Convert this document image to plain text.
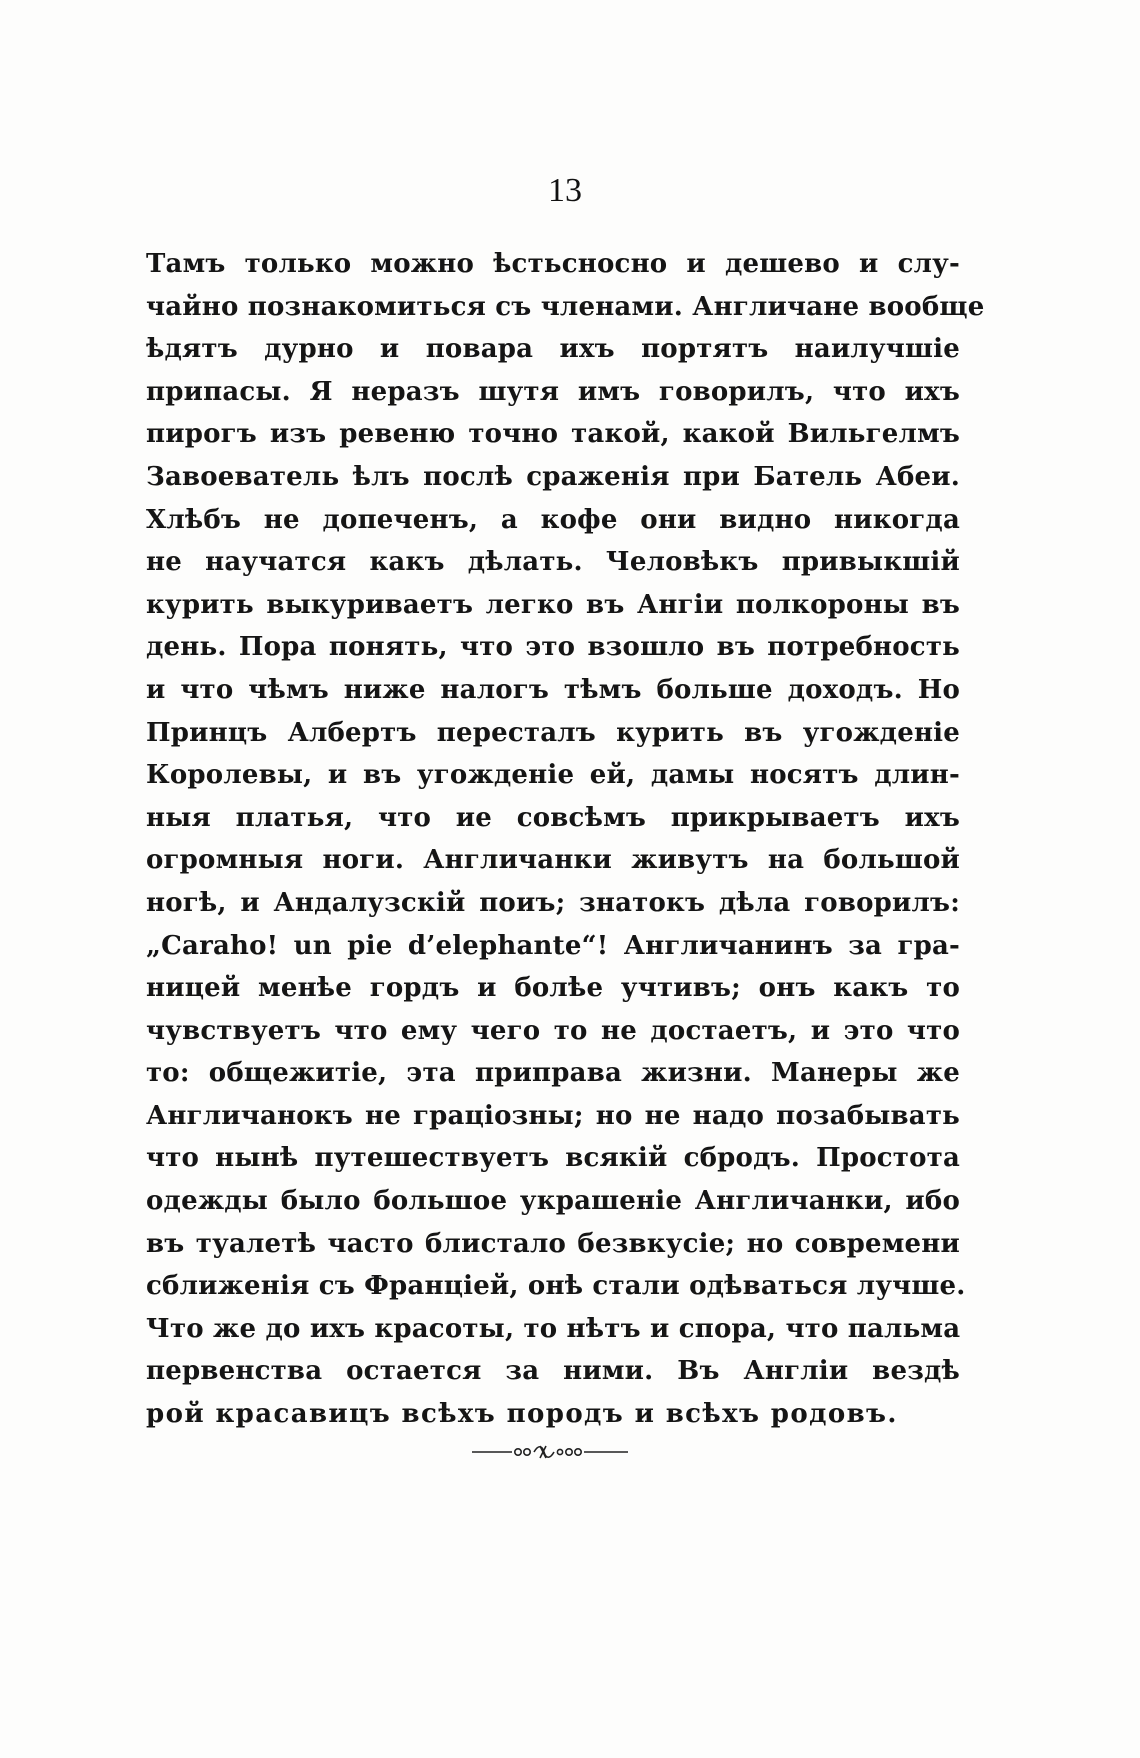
13
Тамъ только можно ѣстьсносно и дешево и слу-
чайно познакомиться съ членами. Англичане вообще
ѣдятъ дурно и повара ихъ портятъ наилучшіе
припасы. Я неразъ шутя имъ говорилъ, что ихъ
пирогъ изъ ревеню точно такой, какой Вильгелмъ
Завоеватель ѣлъ послѣ сраженія при Батель Абеи.
Хлѣбъ не допеченъ, а кофе они видно никогда
не научатся какъ дѣлать. Человѣкъ привыкшій
курить выкуриваетъ легко въ Ангіи полкороны въ
день. Пора понять, что это взошло въ потребность
и что чѣмъ ниже налогъ тѣмъ больше доходъ. Но
Принцъ Албертъ пересталъ курить въ угожденіе
Королевы, и въ угожденіе ей, дамы носятъ длин-
ныя платья, что ие совсѣмъ прикрываетъ ихъ
огромныя ноги. Англичанки живутъ на большой
ногѣ, и Андалузскій поиъ; знатокъ дѣла говорилъ:
„Caraho! un pie d’elephante“! Англичанинъ за гра-
ницей менѣе гордъ и болѣе учтивъ; онъ какъ то
чувствуетъ что ему чего то не достаетъ, и это что
то: общежитіе, эта приправа жизни. Манеры же
Англичанокъ не граціозны; но не надо позабывать
что нынѣ путешествуетъ всякій сбродъ. Простота
одежды было большое украшеніе Англичанки, ибо
въ туалетѣ часто блистало безвкусіе; но современи
сближенія съ Франціей, онѣ стали одѣваться лучше.
Что же до ихъ красоты, то нѣтъ и спора, что пальма
первенства остается за ними. Въ Англіи вездѣ
рой красавицъ всѣхъ породъ и всѣхъ родовъ.
